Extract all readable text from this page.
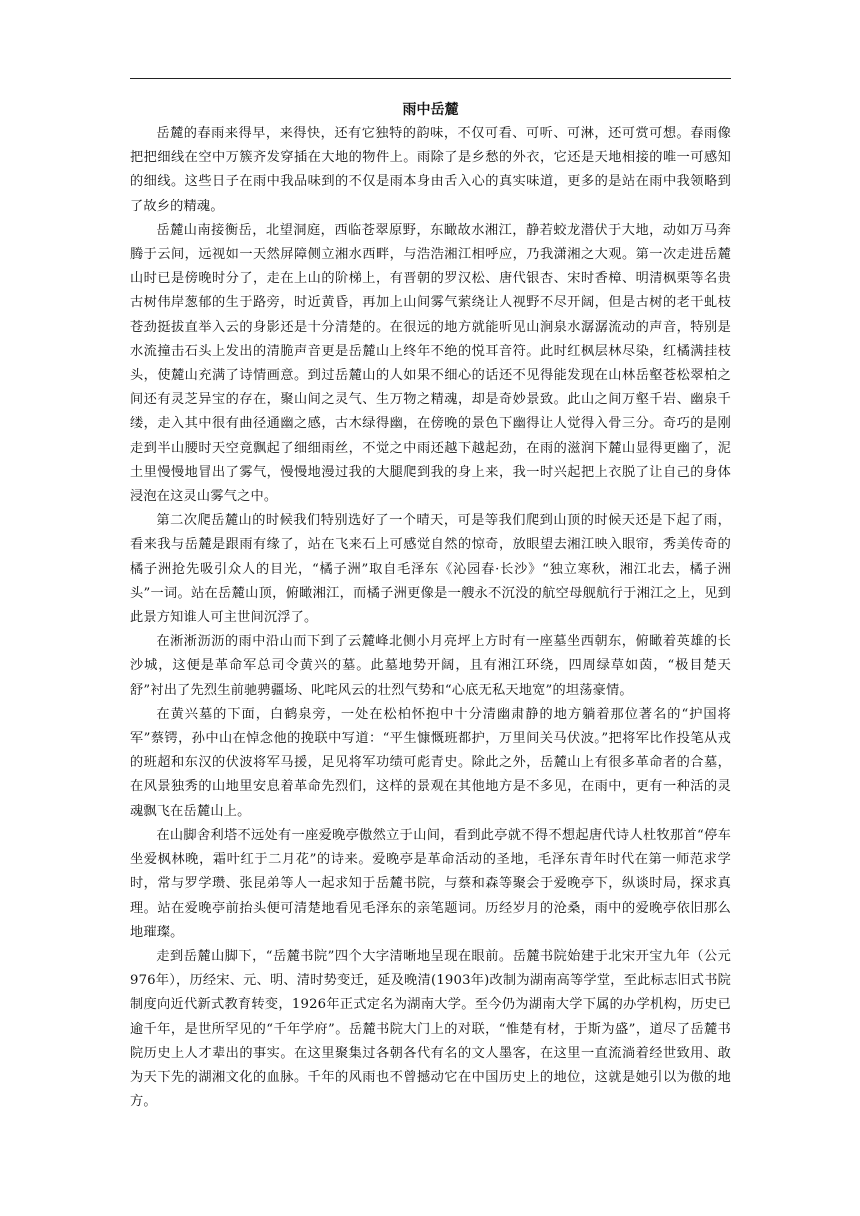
雨中岳麓

岳麓的春雨来得早，来得快，还有它独特的韵味，不仅可看、可听、可淋，还可赏可想。春雨像把把细线在空中万簇齐发穿插在大地的物件上。雨除了是乡愁的外衣，它还是天地相接的唯一可感知的细线。这些日子在雨中我品味到的不仅是雨本身由舌入心的真实味道，更多的是站在雨中我领略到了故乡的精魂。

岳麓山南接衡岳，北望洞庭，西临苍翠原野，东瞰故水湘江，静若蛟龙潜伏于大地，动如万马奔腾于云间，远视如一天然屏障侧立湘水西畔，与浩浩湘江相呼应，乃我潇湘之大观。第一次走进岳麓山时已是傍晚时分了，走在上山的阶梯上，有晋朝的罗汉松、唐代银杏、宋时香樟、明清枫栗等名贵古树伟岸葱郁的生于路旁，时近黄昏，再加上山间雾气萦绕让人视野不尽开阔，但是古树的老干虬枝苍劲挺拔直举入云的身影还是十分清楚的。在很远的地方就能听见山涧泉水潺潺流动的声音，特别是水流撞击石头上发出的清脆声音更是岳麓山上终年不绝的悦耳音符。此时红枫层林尽染，红橘满挂枝头，使麓山充满了诗情画意。到过岳麓山的人如果不细心的话还不见得能发现在山林岳壑苍松翠柏之间还有灵芝异宝的存在，聚山间之灵气、生万物之精魂，却是奇妙景致。此山之间万壑千岩、幽泉千缕，走入其中很有曲径通幽之感，古木绿得幽，在傍晚的景色下幽得让人觉得入骨三分。奇巧的是刚走到半山腰时天空竟飘起了细细雨丝，不觉之中雨还越下越起劲，在雨的滋润下麓山显得更幽了，泥土里慢慢地冒出了雾气，慢慢地漫过我的大腿爬到我的身上来，我一时兴起把上衣脱了让自己的身体浸泡在这灵山雾气之中。

第二次爬岳麓山的时候我们特别选好了一个晴天，可是等我们爬到山顶的时候天还是下起了雨，看来我与岳麓是跟雨有缘了，站在飞来石上可感觉自然的惊奇，放眼望去湘江映入眼帘，秀美传奇的橘子洲抢先吸引众人的目光，“橘子洲”取自毛泽东《沁园春·长沙》“独立寒秋，湘江北去，橘子洲头”一词。站在岳麓山顶，俯瞰湘江，而橘子洲更像是一艘永不沉没的航空母舰航行于湘江之上，见到此景方知谁人可主世间沉浮了。

在淅淅沥沥的雨中沿山而下到了云麓峰北侧小月亮坪上方时有一座墓坐西朝东，俯瞰着英雄的长沙城，这便是革命军总司令黄兴的墓。此墓地势开阔，且有湘江环绕，四周绿草如茵，“极目楚天舒”衬出了先烈生前驰骋疆场、叱咤风云的壮烈气势和“心底无私天地宽”的坦荡豪情。

在黄兴墓的下面，白鹤泉旁，一处在松柏怀抱中十分清幽肃静的地方躺着那位著名的“护国将军”蔡锷，孙中山在悼念他的挽联中写道：“平生慷慨班都护，万里间关马伏波。”把将军比作投笔从戎的班超和东汉的伏波将军马援，足见将军功绩可彪青史。除此之外，岳麓山上有很多革命者的合墓，在风景独秀的山地里安息着革命先烈们，这样的景观在其他地方是不多见，在雨中，更有一种活的灵魂飘飞在岳麓山上。

在山脚舍利塔不远处有一座爱晚亭傲然立于山间，看到此亭就不得不想起唐代诗人杜牧那首“停车坐爱枫林晚，霜叶红于二月花”的诗来。爱晚亭是革命活动的圣地，毛泽东青年时代在第一师范求学时，常与罗学瓒、张昆弟等人一起求知于岳麓书院，与蔡和森等聚会于爱晚亭下，纵谈时局，探求真理。站在爱晚亭前抬头便可清楚地看见毛泽东的亲笔题词。历经岁月的沧桑，雨中的爱晚亭依旧那么地璀璨。

走到岳麓山脚下，“岳麓书院”四个大字清晰地呈现在眼前。岳麓书院始建于北宋开宝九年（公元976年），历经宋、元、明、清时势变迁，延及晚清(1903年)改制为湖南高等学堂，至此标志旧式书院制度向近代新式教育转变，1926年正式定名为湖南大学。至今仍为湖南大学下属的办学机构，历史已逾千年，是世所罕见的“千年学府”。岳麓书院大门上的对联，“惟楚有材，于斯为盛”，道尽了岳麓书院历史上人才辈出的事实。在这里聚集过各朝各代有名的文人墨客，在这里一直流淌着经世致用、敢为天下先的湖湘文化的血脉。千年的风雨也不曾撼动它在中国历史上的地位，这就是她引以为傲的地方。
